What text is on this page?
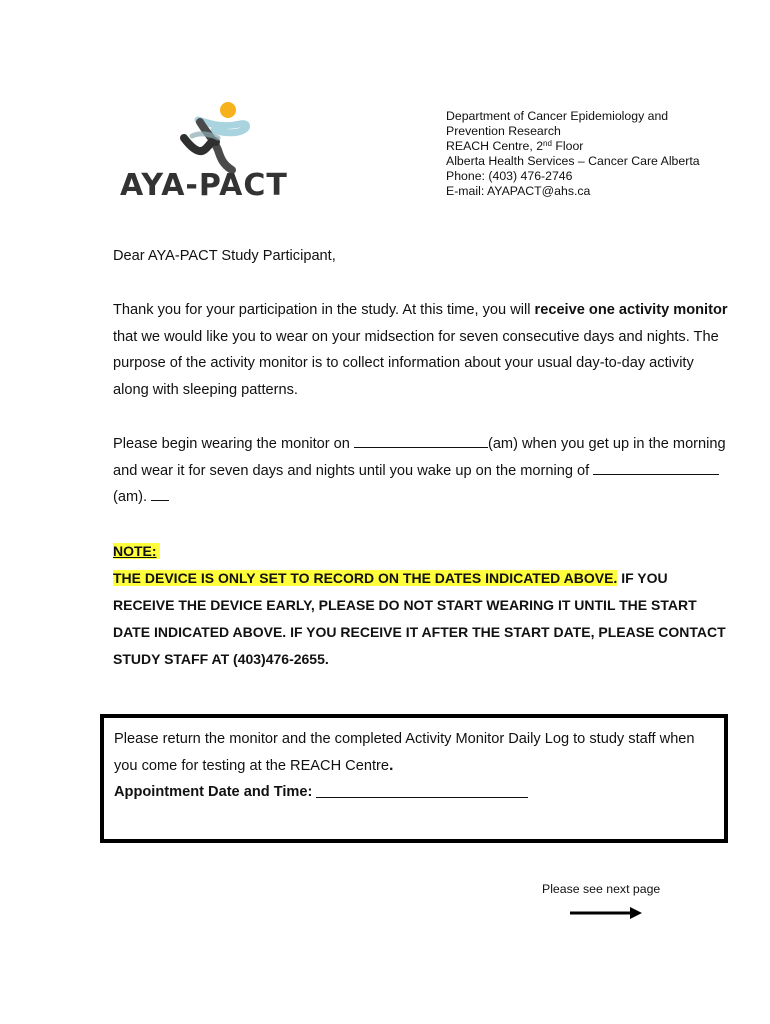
AYA-PACT
Department of Cancer Epidemiology and
Prevention Research
REACH Centre, 2nd Floor
Alberta Health Services – Cancer Care Alberta
Phone: (403) 476-2746
E-mail: AYAPACT@ahs.ca
Dear AYA-PACT Study Participant,
Thank you for your participation in the study. At this time, you will receive one activity monitor that we would like you to wear on your midsection for seven consecutive days and nights. The purpose of the activity monitor is to collect information about your usual day-to-day activity along with sleeping patterns.
Please begin wearing the monitor on	(am) when you get up in the morning and wear it for seven days and nights until you wake up on the morning of (am).
NOTE:
THE DEVICE IS ONLY SET TO RECORD ON THE DATES INDICATED ABOVE. IF YOU RECEIVE THE DEVICE EARLY, PLEASE DO NOT START WEARING IT UNTIL THE START DATE INDICATED ABOVE. IF YOU RECEIVE IT AFTER THE START DATE, PLEASE CONTACT STUDY STAFF AT (403)476-2655.
Please return the monitor and the completed Activity Monitor Daily Log to study staff when you come for testing at the REACH Centre.
Appointment Date and Time:
Please see next page
